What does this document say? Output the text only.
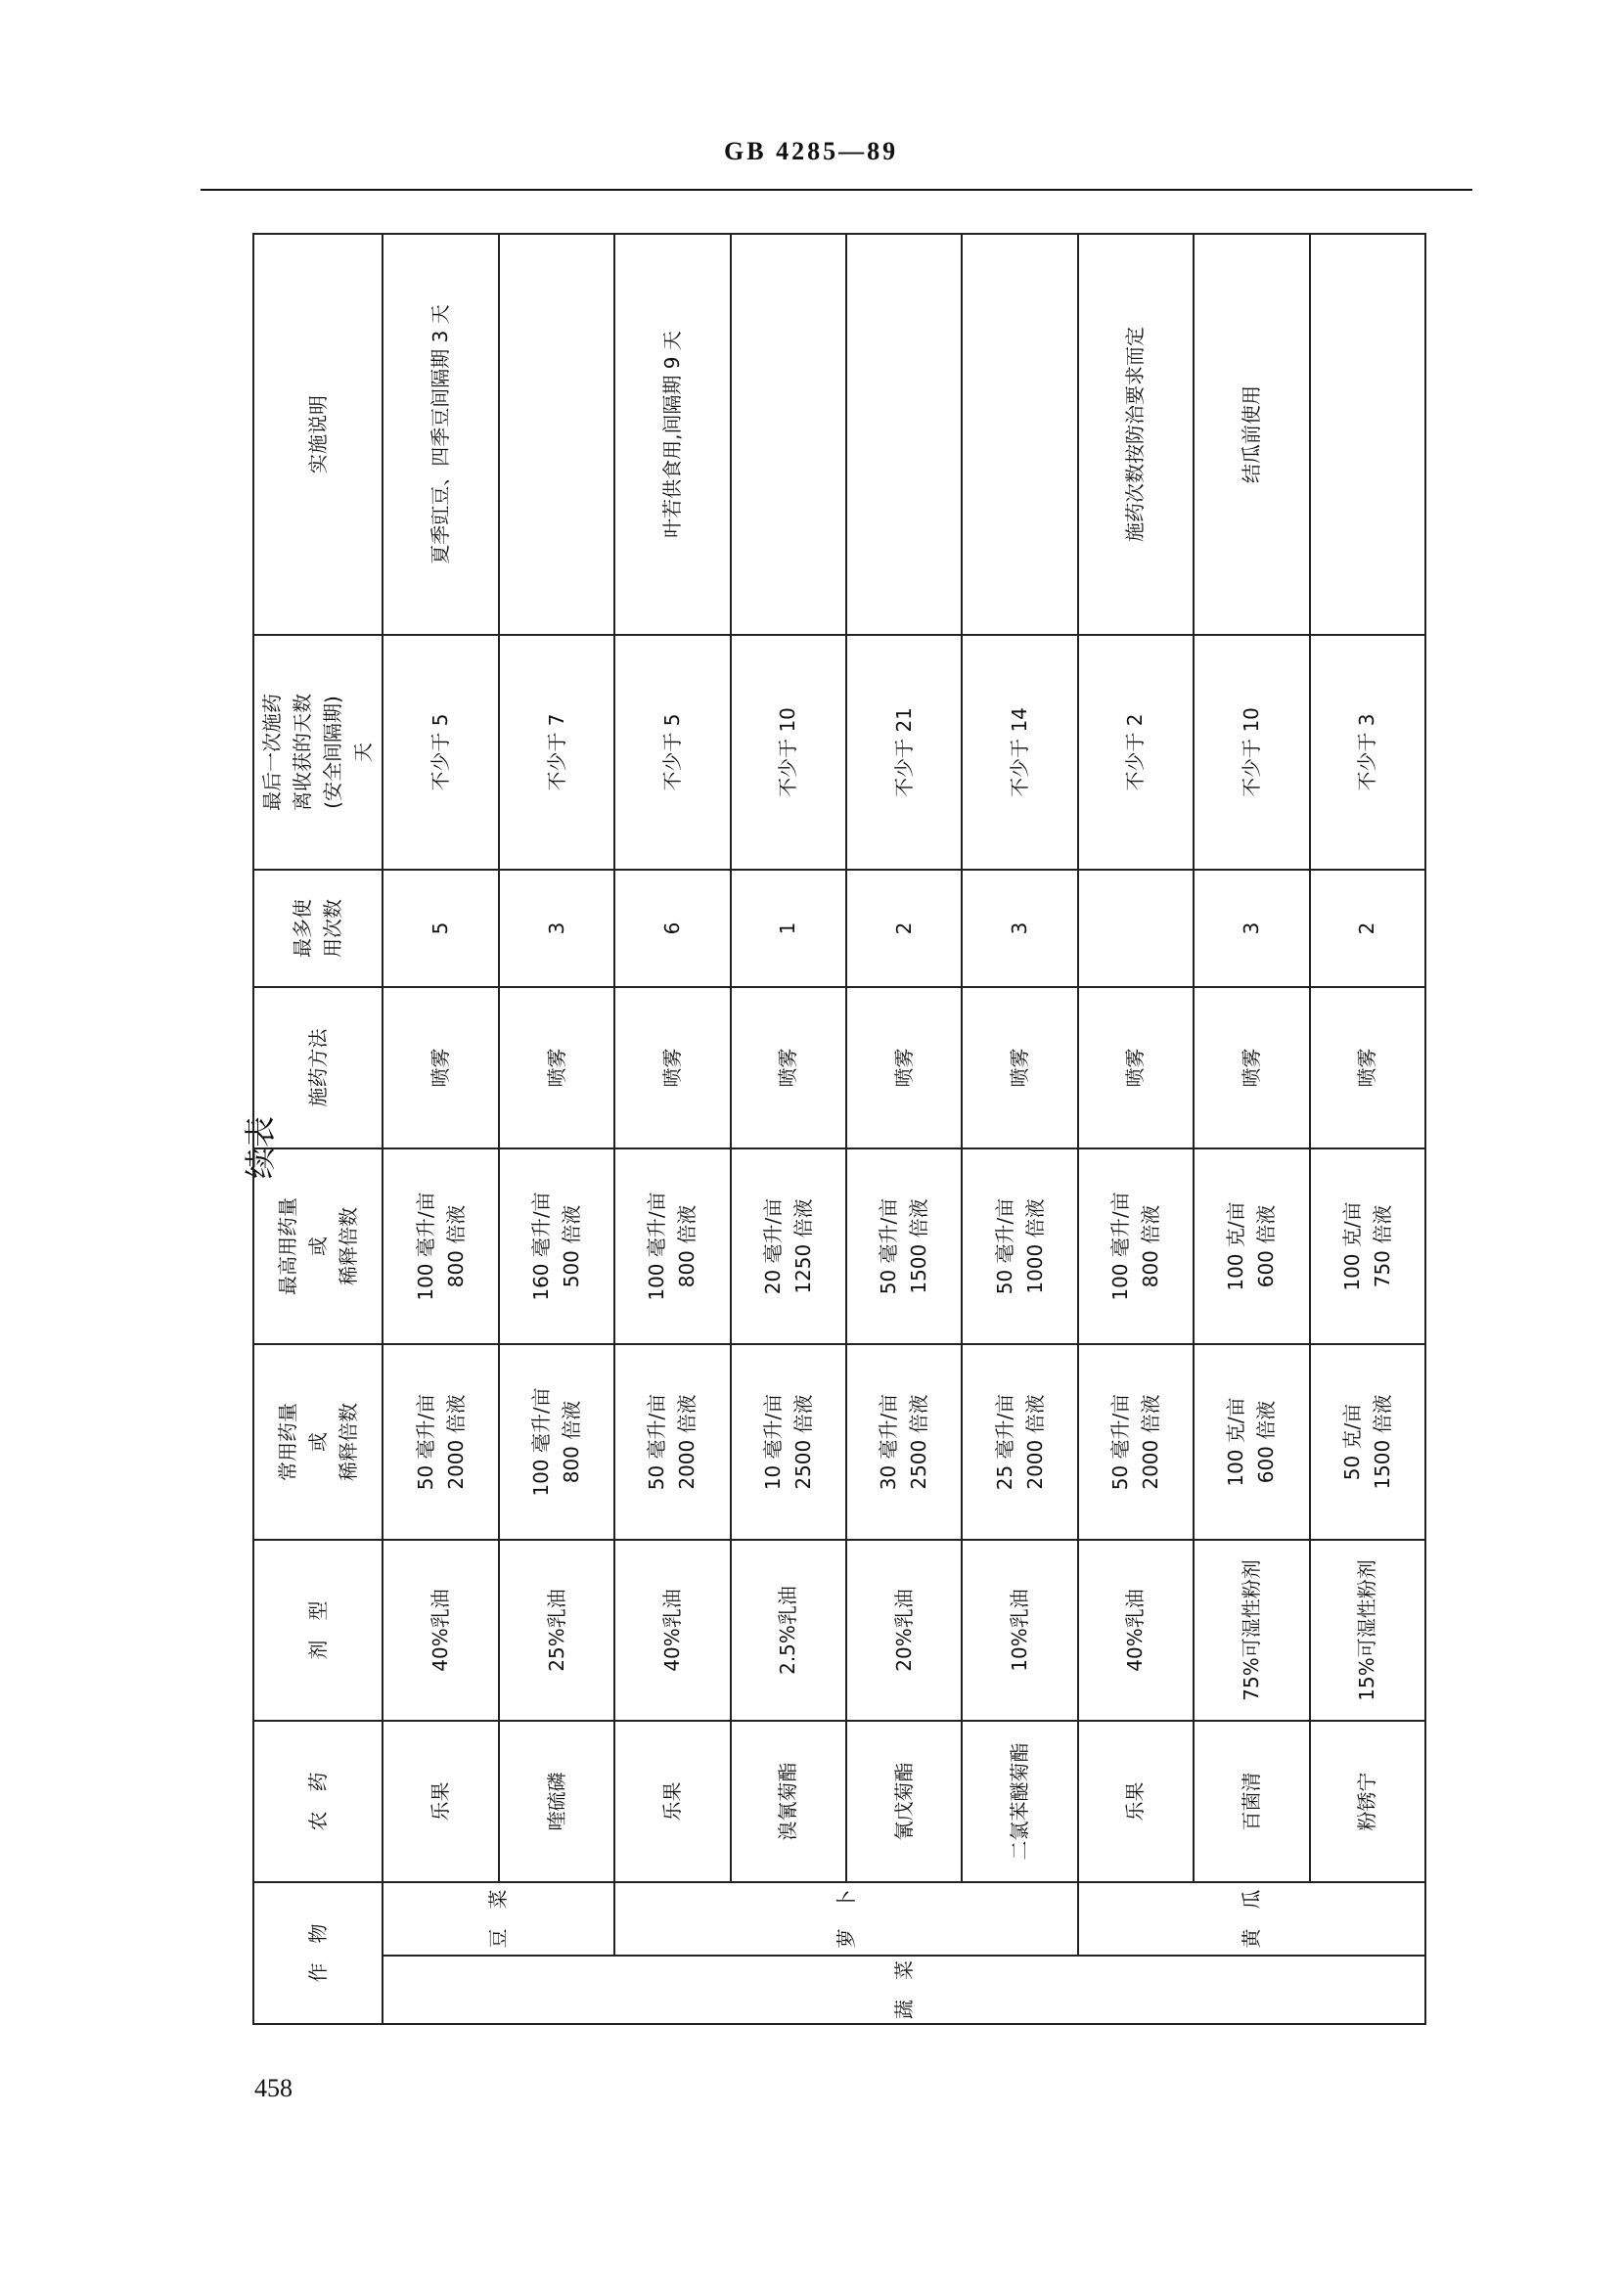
GB 4285—89
续表
作　物		农　药	剂　型	常用药量
或
稀释倍数	最高用药量
或
稀释倍数	施药方法	最多使
用次数	最后一次施药
离收获的天数
(安全间隔期)
天	实施说明
蔬　菜	豆　菜	乐果	40%乳油	50 毫升/亩
2000 倍液	100 毫升/亩
800 倍液	喷雾	5	不少于 5	夏季豇豆、四季豆间隔期 3 天
		喹硫磷	25%乳油	100 毫升/亩
800 倍液	160 毫升/亩
500 倍液	喷雾	3	不少于 7	
	萝　卜	乐果	40%乳油	50 毫升/亩
2000 倍液	100 毫升/亩
800 倍液	喷雾	6	不少于 5	叶若供食用,间隔期 9 天
		溴氰菊酯	2.5%乳油	10 毫升/亩
2500 倍液	20 毫升/亩
1250 倍液	喷雾	1	不少于 10	
		氰戊菊酯	20%乳油	30 毫升/亩
2500 倍液	50 毫升/亩
1500 倍液	喷雾	2	不少于 21	
		二氯苯醚菊酯	10%乳油	25 毫升/亩
2000 倍液	50 毫升/亩
1000 倍液	喷雾	3	不少于 14	
	黄　瓜	乐果	40%乳油	50 毫升/亩
2000 倍液	100 毫升/亩
800 倍液	喷雾		不少于 2	施药次数按防治要求而定
		百菌清	75%可湿性粉剂	100 克/亩
600 倍液	100 克/亩
600 倍液	喷雾	3	不少于 10	结瓜前使用
		粉锈宁	15%可湿性粉剂	50 克/亩
1500 倍液	100 克/亩
750 倍液	喷雾	2	不少于 3	
458
